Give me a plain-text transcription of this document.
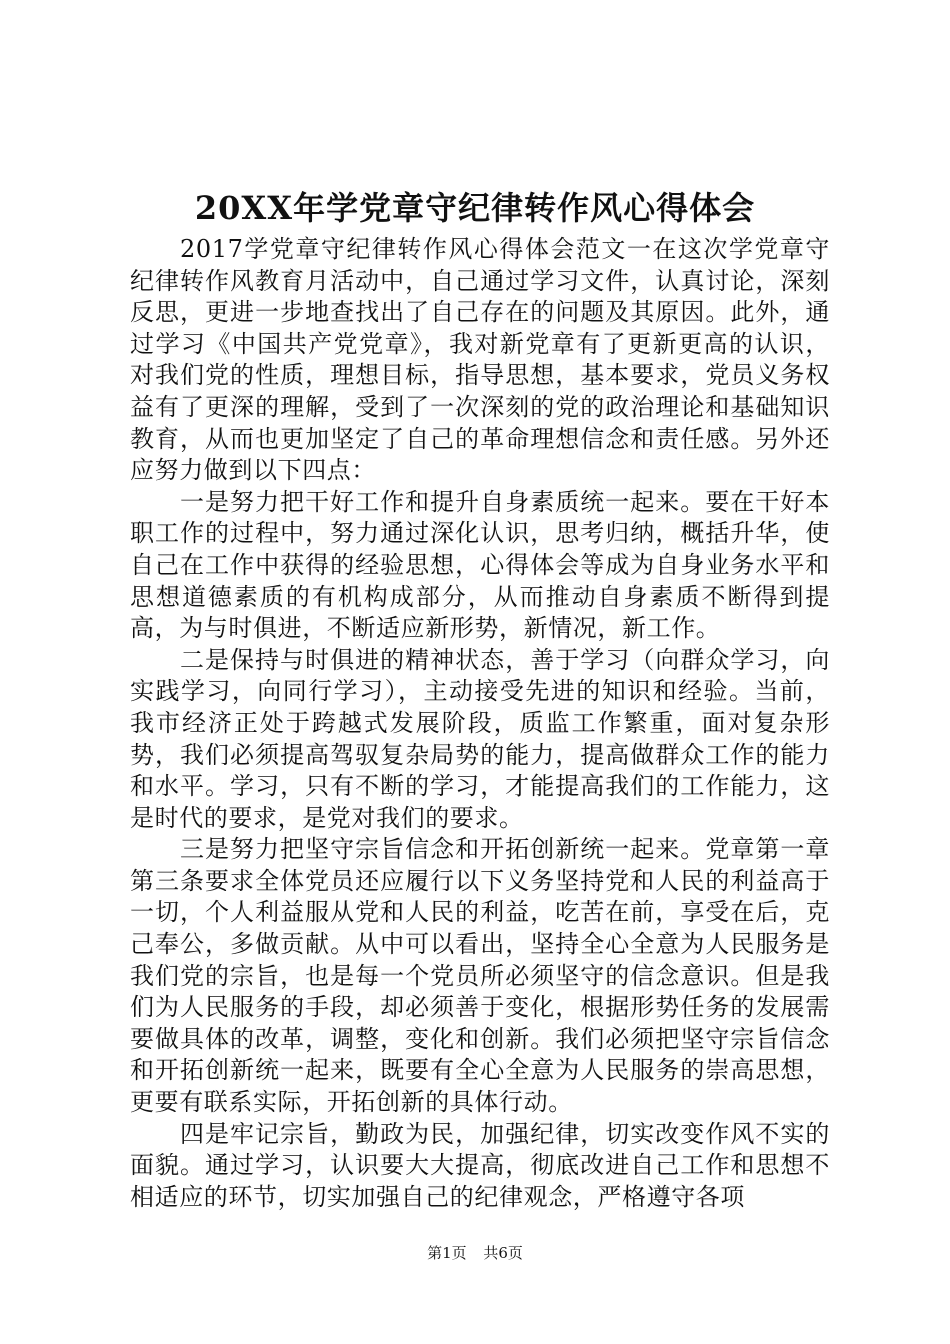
20XX年学党章守纪律转作风心得体会

2017学党章守纪律转作风心得体会范文一在这次学党章守纪律转作风教育月活动中，自己通过学习文件，认真讨论，深刻反思，更进一步地查找出了自己存在的问题及其原因。此外，通过学习《中国共产党党章》，我对新党章有了更新更高的认识，对我们党的性质，理想目标，指导思想，基本要求，党员义务权益有了更深的理解，受到了一次深刻的党的政治理论和基础知识教育，从而也更加坚定了自己的革命理想信念和责任感。另外还应努力做到以下四点：

一是努力把干好工作和提升自身素质统一起来。要在干好本职工作的过程中，努力通过深化认识，思考归纳，概括升华，使自己在工作中获得的经验思想，心得体会等成为自身业务水平和思想道德素质的有机构成部分，从而推动自身素质不断得到提高，为与时俱进，不断适应新形势，新情况，新工作。

二是保持与时俱进的精神状态，善于学习（向群众学习，向实践学习，向同行学习），主动接受先进的知识和经验。当前，我市经济正处于跨越式发展阶段，质监工作繁重，面对复杂形势，我们必须提高驾驭复杂局势的能力，提高做群众工作的能力和水平。学习，只有不断的学习，才能提高我们的工作能力，这是时代的要求，是党对我们的要求。

三是努力把坚守宗旨信念和开拓创新统一起来。党章第一章第三条要求全体党员还应履行以下义务坚持党和人民的利益高于一切，个人利益服从党和人民的利益，吃苦在前，享受在后，克己奉公，多做贡献。从中可以看出，坚持全心全意为人民服务是我们党的宗旨，也是每一个党员所必须坚守的信念意识。但是我们为人民服务的手段，却必须善于变化，根据形势任务的发展需要做具体的改革，调整，变化和创新。我们必须把坚守宗旨信念和开拓创新统一起来，既要有全心全意为人民服务的崇高思想，更要有联系实际，开拓创新的具体行动。

四是牢记宗旨，勤政为民，加强纪律，切实改变作风不实的面貌。通过学习，认识要大大提高，彻底改进自己工作和思想不相适应的环节，切实加强自己的纪律观念，严格遵守各项

第1页 共6页
